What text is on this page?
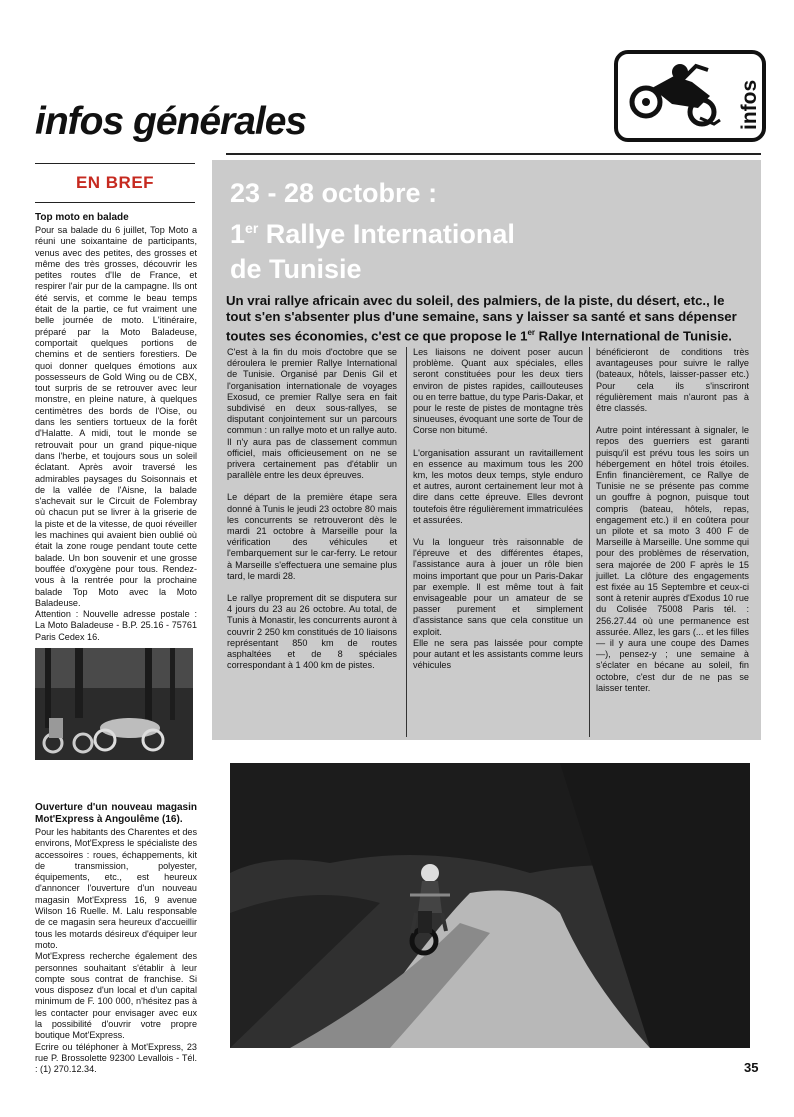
infos générales	infos
EN BREF

Top moto en balade

Pour sa balade du 6 juillet, Top Moto a réuni une soixantaine de participants, venus avec des petites, des grosses et même des très grosses, découvrir les petites routes d'Ile de France, et respirer l'air pur de la campagne. Ils ont été servis, et comme le beau temps était de la partie, ce fut vraiment une belle journée de moto. L'itinéraire, préparé par la Moto Baladeuse, comportait quelques portions de chemins et de sentiers forestiers. De quoi donner quelques émotions aux possesseurs de Gold Wing ou de CBX, tout surpris de se retrouver avec leur monstre, en pleine nature, à quelques centimètres des bords de l'Oise, ou dans les sentiers tortueux de la forêt d'Halatte. A midi, tout le monde se retrouvait pour un grand pique-nique dans l'herbe, et toujours sous un soleil éclatant. Après avoir traversé les admirables paysages du Soisonnais et de la vallée de l'Aisne, la balade s'achevait sur le Circuit de Folembray où chacun put se livrer à la griserie de la piste et de la vitesse, de quoi réveiller les machines qui avaient bien oublié où était la zone rouge pendant toute cette balade. Un bon souvenir et une grosse bouffée d'oxygène pour tous. Rendez-vous à la rentrée pour la prochaine balade Top Moto avec la Moto Baladeuse.

Attention : Nouvelle adresse postale : La Moto Baladeuse - B.P. 25.16 - 75761 Paris Cedex 16.

Ouverture d'un nouveau magasin Mot'Express à Angoulême (16).

Pour les habitants des Charentes et des environs, Mot'Express le spécialiste des accessoires : roues, échappements, kit de transmission, polyester, équipements, etc., est heureux d'annoncer l'ouverture d'un nouveau magasin Mot'Express 16, 9 avenue Wilson 16 Ruelle. M. Lalu responsable de ce magasin sera heureux d'accueillir tous les motards désireux d'équiper leur moto.

Mot'Express recherche également des personnes souhaitant s'établir à leur compte sous contrat de franchise. Si vous disposez d'un local et d'un capital minimum de F. 100 000, n'hésitez pas à les contacter pour envisager avec eux la possibilité d'ouvrir votre propre boutique Mot'Express.

Ecrire ou téléphoner à Mot'Express, 23 rue P. Brossolette 92300 Levallois - Tél. : (1) 270.12.34.

23 - 28 octobre :
1er Rallye International
de Tunisie
Un vrai rallye africain avec du soleil, des palmiers, de la piste, du désert, etc., le tout s'en s'absenter plus d'une semaine, sans y laisser sa santé et sans dépenser toutes ses économies, c'est ce que propose le 1er Rallye International de Tunisie.

C'est à la fin du mois d'octobre que se déroulera le premier Rallye International de Tunisie. Organisé par Denis Gil et l'organisation internationale de voyages Exosud, ce premier Rallye sera en fait subdivisé en deux sous-rallyes, se disputant conjointement sur un parcours commun : un rallye moto et un rallye auto. Il n'y aura pas de classement commun officiel, mais officieusement on ne se privera certainement pas d'établir un parallèle entre les deux épreuves.

Le départ de la première étape sera donné à Tunis le jeudi 23 octobre 80 mais les concurrents se retrouveront dès le mardi 21 octobre à Marseille pour la vérification des véhicules et l'embarquement sur le car-ferry. Le retour à Marseille s'effectuera une semaine plus tard, le mardi 28.

Le rallye proprement dit se disputera sur 4 jours du 23 au 26 octobre. Au total, de Tunis à Monastir, les concurrents auront à couvrir 2 250 km constitués de 10 liaisons représentant 850 km de routes asphaltées et de 8 spéciales correspondant à 1 400 km de pistes.

Les liaisons ne doivent poser aucun problème. Quant aux spéciales, elles seront constituées pour les deux tiers environ de pistes rapides, caillouteuses ou en terre battue, du type Paris-Dakar, et pour le reste de pistes de montagne très sinueuses, évoquant une sorte de Tour de Corse non bitumé.

L'organisation assurant un ravitaillement en essence au maximum tous les 200 km, les motos deux temps, style enduro et autres, auront certainement leur mot à dire dans cette épreuve. Elles devront toutefois être régulièrement immatriculées et assurées.

Vu la longueur très raisonnable de l'épreuve et des différentes étapes, l'assistance aura à jouer un rôle bien moins important que pour un Paris-Dakar par exemple. Il est même tout à fait envisageable pour un amateur de se passer purement et simplement d'assistance sans que cela constitue un exploit.

Elle ne sera pas laissée pour compte pour autant et les assistants comme leurs véhicules

bénéficieront de conditions très avantageuses pour suivre le rallye (bateaux, hôtels, laisser-passer etc.) Pour cela ils s'inscriront régulièrement mais n'auront pas à être classés.

Autre point intéressant à signaler, le repos des guerriers est garanti puisqu'il est prévu tous les soirs un hébergement en hôtel trois étoiles. Enfin financièrement, ce Rallye de Tunisie ne se présente pas comme un gouffre à pognon, puisque tout compris (bateau, hôtels, repas, engagement etc.) il en coûtera pour un pilote et sa moto 3 400 F de Marseille à Marseille. Une somme qui pour des problèmes de réservation, sera majorée de 200 F après le 15 juillet. La clôture des engagements est fixée au 15 Septembre et ceux-ci sont à retenir auprès d'Exodus 10 rue du Colisée 75008 Paris tél. : 256.27.44 où une permanence est assurée. Allez, les gars (... et les filles — il y aura une coupe des Dames —), pensez-y ; une semaine à s'éclater en bécane au soleil, fin octobre, c'est dur de ne pas se laisser tenter.

35
